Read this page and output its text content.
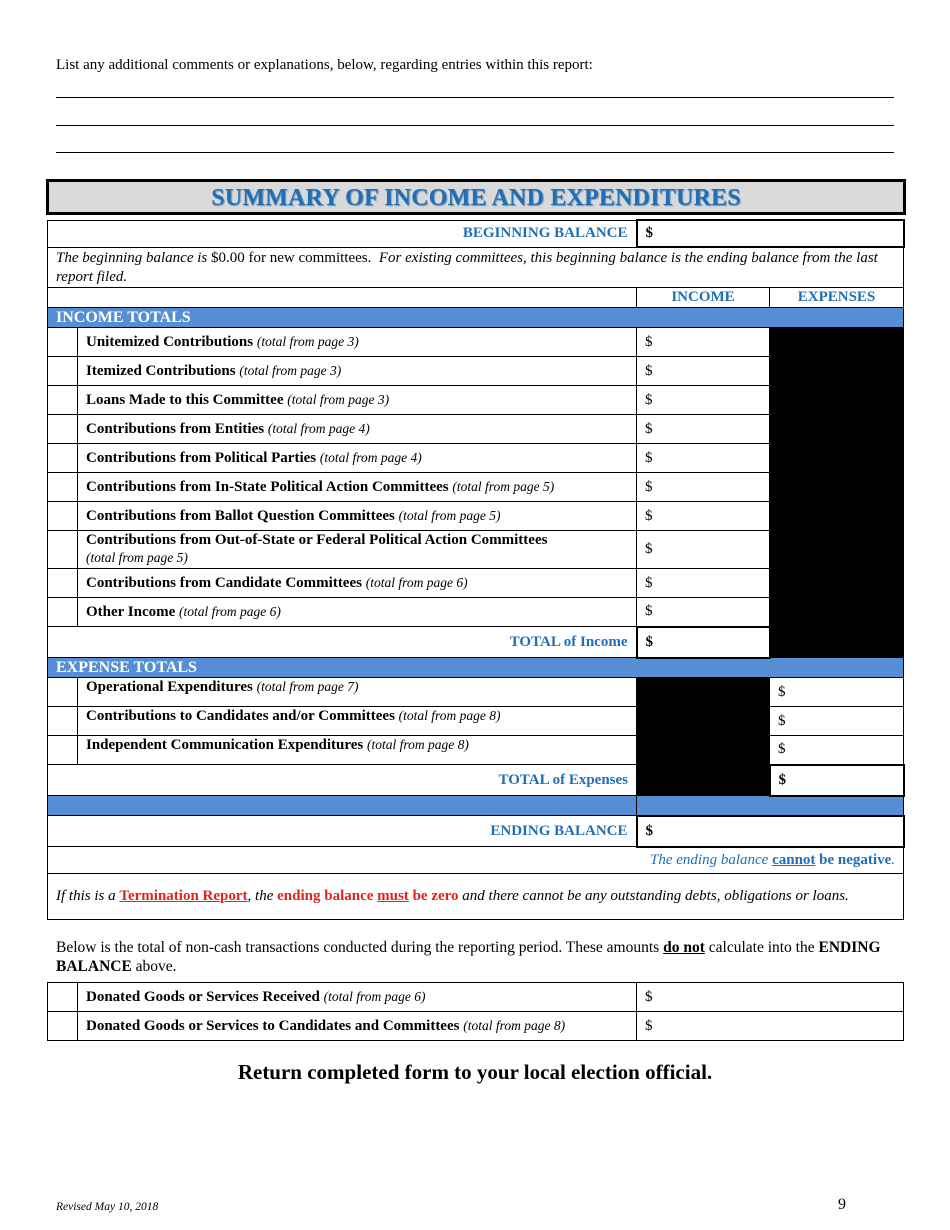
List any additional comments or explanations, below, regarding entries within this report:
SUMMARY OF INCOME AND EXPENDITURES
BEGINNING BALANCE		$	
The beginning balance is $0.00 for new committees. For existing committees, this beginning balance is the ending balance from the last report filed.			
		INCOME	EXPENSES
INCOME TOTALS			
	Unitemized Contributions (total from page 3)	$	
	Itemized Contributions (total from page 3)	$	
	Loans Made to this Committee (total from page 3)	$	
	Contributions from Entities (total from page 4)	$	
	Contributions from Political Parties (total from page 4)	$	
	Contributions from In-State Political Action Committees (total from page 5)	$	
	Contributions from Ballot Question Committees (total from page 5)	$	
	Contributions from Out-of-State or Federal Political Action Committees
(total from page 5)	$	
	Contributions from Candidate Committees (total from page 6)	$	
	Other Income (total from page 6)	$	
TOTAL of Income		$	
EXPENSE TOTALS			
	Operational Expenditures (total from page 7)		$
	Contributions to Candidates and/or Committees (total from page 8)		$
	Independent Communication Expenditures (total from page 8)		$
TOTAL of Expenses			$

ENDING BALANCE		$	
The ending balance cannot be negative.			
If this is a Termination Report, the ending balance must be zero and there cannot be any outstanding debts, obligations or loans.			
Below is the total of non-cash transactions conducted during the reporting period. These amounts do not calculate into the ENDING BALANCE above.
	Donated Goods or Services Received (total from page 6)	$
	Donated Goods or Services to Candidates and Committees (total from page 8)	$
Return completed form to your local election official.
Revised May 10, 2018	9
